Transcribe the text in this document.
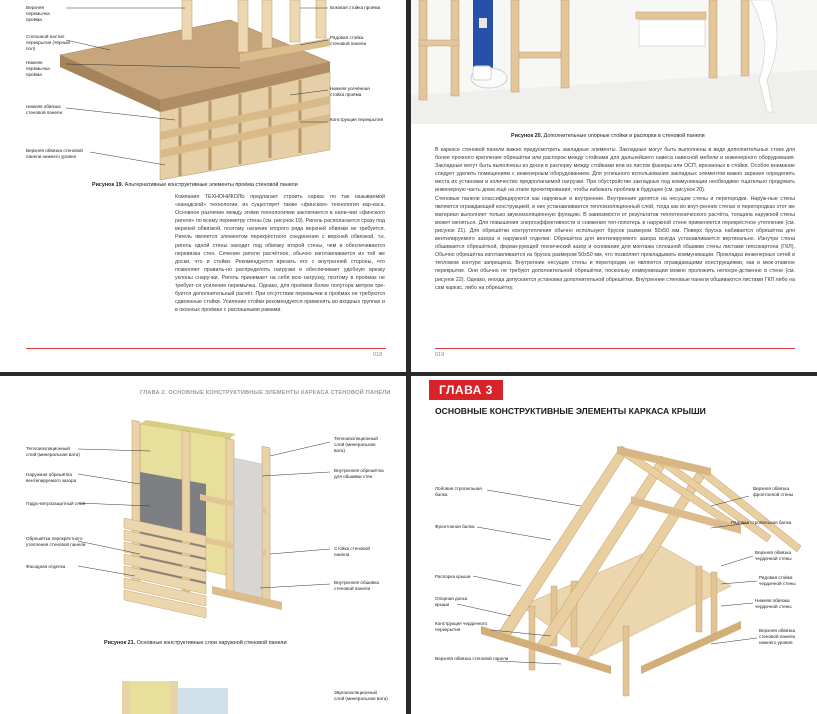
Верхняя перемычка проёма
Сплошной настил перекрытия (чёрный пол)
Нижняя перемычка проёма
Нижняя обвязка стеновой панели
Верхняя обвязка стеновой панели нижнего уровня
Боковая стойка проёма
Рядовая стойка стеновой панели
Нижняя усечённая стойка проёма
Конструкция перекрытия
Рисунок 19. Альтернативные конструктивные элементы проёма стеновой панели
Компания ТЕХНОНИКОЛЬ предлагает строить каркас по так называемой «канадской» технологии, из существует также «финская» технология кар-каса. Основное различие между этими технологиями заключается в нали-чии «финского ригеля» по всему периметру стены (см. рисунок 19). Ригель располагается сразу под верхней обвязкой, поэтому наличие второго ряда верхней обвязки не требуется. Ригель является элементом перекрёстного соединения с верхней обвязкой, т.к. ригель одной стены заходит под обвязку второй стены, чем и обеспечивается перевязка стен. Сечение ригеля расчётное, обычно изготавливается из той же доски, что и стойки. Рекомендуется врезать его с внутренней стороны, что позволяет правиль-но распределять нагрузки и обеспечивает удобную врезку уклоны снару-жи. Ригель принимает на себя всю нагрузку, поэтому в проёмах не требует-ся усиление перемычка. Однако, для проёмов более полутора метров тре-буется дополнительный расчёт. При отсутствии перемычки в проёмах не требуются сдвоенные стойки. Усиление стойки рекомендуется применять во входных группах и в оконных проёмах с распашными рамами.
018
Рисунок 20. Дополнительные опорные стойки и распорки в стеновой панели

В каркасе стеновой панели важно предусмотреть закладные элементы. Закладные могут быть выполнены в виде дополнительных стоек для более прочного крепления обрешётки или распорок между стойками для дальнейшего навеса навесной мебели и инженерного оборудования. Закладные могут быть выполнены из доски в распорку между стойками или из листов фанеры или ОСП, врезанных в стойки. Особое внимание следует уделить помещениям с инженерным оборудованием. Для успешного использования закладных элементов важно заранее определить места их установки и количество предполагаемой нагрузки. При обустройстве закладных под коммуникации необходимо тщательно продумать инженерную часть дома ещё на этапе проектирования, чтобы избежать проблем в будущем (см. рисунок 20).

Стеновые панели классифицируются как наружные и внутренние. Внутренние делятся на несущие стены и перегородки. Наруж-ные стены являются ограждающей конструкцией, в них устанавливается теплоизоляционный слой, тогда как во внут-ренних стенах и перегородках этот же материал выполняет только звукоизоляционную функцию. В зависимости от результатов теплотехнического расчёта, толщина наружной стены может меняться. Для повышения энергоэффективности и снижения теп-лопотерь в наружной стене применяется перекрёстное утепление (см. рисунок 21). Для обрешётки контрутепления обычно используют брусок размером 50х50 мм. Поверх бруска набивается обрешётка для вентилируемого зазора и наружной отделки. Обрешётка для вентилируемого зазора всегда устанавливается вертикально. Изнутри стена обшивается обрешёткой, форми-рующей технический зазор и основание для монтажа сплошной обшивки стены листами гипсокартона (ГКЛ). Обычно обрешётка изготавливается из бруска размером 50х50 мм, что позволяет прокладывать коммуникации. Прокладка инженерных сетей в тепловом контуре запрещена. Внутренние несущие стены и перегородки не являются ограждающими конструкциями, как и меж-этажное перекрытие. Они обычно не требуют дополнительной обрешётки, поскольку коммуникации можно проложить непосре-дственно в стене (см. рисунок 22). Однако, иногда допускается установка дополнительной обрешётки. Внутренние стеновые панели обшиваются листами ГКЛ либо на сам каркас, либо на обрешётку.

019
ГЛАВА 2. ОСНОВНЫЕ КОНСТРУКТИВНЫЕ ЭЛЕМЕНТЫ КАРКАСА СТЕНОВОЙ ПАНЕЛИ
Теплоизоляционный слой (минеральная вата)
Наружная обрешётка вентилируемого зазора
Гидро-ветрозащитный слой
Обрешётка перекрёстного утепления стеновой панели
Фасадная отделка
Теплоизоляционный слой (минеральная вата)
Внутренняя обрешётка для обшивки стен
Стойка стеновой панели
Внутренняя обшивка стеновой панели
Рисунок 21. Основные конструктивные слои наружной стеновой панели
Звукоизоляционный слой (минеральная вата)
ГЛАВА 3
ОСНОВНЫЕ КОНСТРУКТИВНЫЕ ЭЛЕМЕНТЫ КАРКАСА КРЫШИ
Лобовая стропильная балка
Фронтонная балка
Распорка крыши
Опорная доска крыши
Конструкция чердачного перекрытия
Верхняя обвязка стеновой панели
Верхняя обвязка фронтонной стены
Рядовая стропильная балка
Верхняя обвязка чердачной стены
Рядовая стойка чердачной стены
Нижняя обвязка чердачной стены
Верхняя обвязка стеновой панели нижнего уровня
